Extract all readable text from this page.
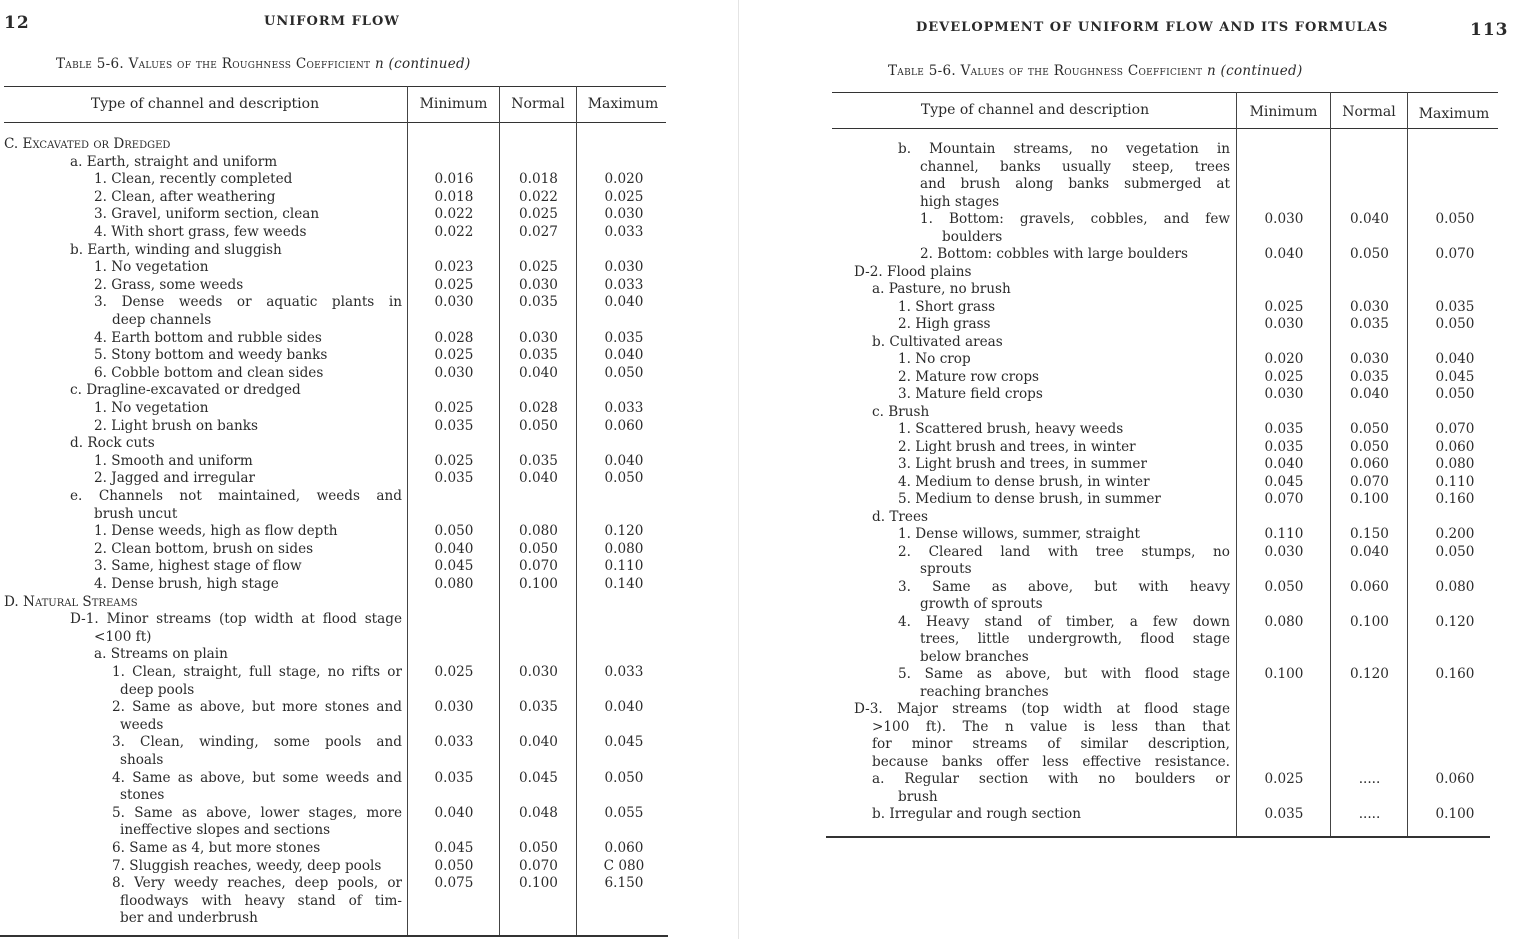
12	UNIFORM FLOW
Table 5-6. Values of the Roughness Coefficient n (continued)
Type of channel and description	Minimum	Normal	Maximum
C. Excavated or Dredged
a. Earth, straight and uniform
1. Clean, recently completed	0.016	0.018	0.020
2. Clean, after weathering	0.018	0.022	0.025
3. Gravel, uniform section, clean	0.022	0.025	0.030
4. With short grass, few weeds	0.022	0.027	0.033
b. Earth, winding and sluggish
1. No vegetation	0.023	0.025	0.030
2. Grass, some weeds	0.025	0.030	0.033
3. Dense weeds or aquatic plants in	0.030	0.035	0.040
deep channels
4. Earth bottom and rubble sides	0.028	0.030	0.035
5. Stony bottom and weedy banks	0.025	0.035	0.040
6. Cobble bottom and clean sides	0.030	0.040	0.050
c. Dragline-excavated or dredged
1. No vegetation	0.025	0.028	0.033
2. Light brush on banks	0.035	0.050	0.060
d. Rock cuts
1. Smooth and uniform	0.025	0.035	0.040
2. Jagged and irregular	0.035	0.040	0.050
e. Channels not maintained, weeds and
brush uncut
1. Dense weeds, high as flow depth	0.050	0.080	0.120
2. Clean bottom, brush on sides	0.040	0.050	0.080
3. Same, highest stage of flow	0.045	0.070	0.110
4. Dense brush, high stage	0.080	0.100	0.140
D. Natural Streams
D-1. Minor streams (top width at flood stage
<100 ft)
a. Streams on plain
1. Clean, straight, full stage, no rifts or	0.025	0.030	0.033
deep pools
2. Same as above, but more stones and	0.030	0.035	0.040
weeds
3. Clean, winding, some pools and	0.033	0.040	0.045
shoals
4. Same as above, but some weeds and	0.035	0.045	0.050
stones
5. Same as above, lower stages, more	0.040	0.048	0.055
ineffective slopes and sections
6. Same as 4, but more stones	0.045	0.050	0.060
7. Sluggish reaches, weedy, deep pools	0.050	0.070	C 080
8. Very weedy reaches, deep pools, or	0.075	0.100	6.150
floodways with heavy stand of tim-
ber and underbrush
DEVELOPMENT OF UNIFORM FLOW AND ITS FORMULAS	113
Table 5-6. Values of the Roughness Coefficient n (continued)
Type of channel and description	Minimum	Normal	Maximum
b. Mountain streams, no vegetation in
channel, banks usually steep, trees
and brush along banks submerged at
high stages
1. Bottom: gravels, cobbles, and few	0.030	0.040	0.050
boulders
2. Bottom: cobbles with large boulders	0.040	0.050	0.070
D-2. Flood plains
a. Pasture, no brush
1. Short grass	0.025	0.030	0.035
2. High grass	0.030	0.035	0.050
b. Cultivated areas
1. No crop	0.020	0.030	0.040
2. Mature row crops	0.025	0.035	0.045
3. Mature field crops	0.030	0.040	0.050
c. Brush
1. Scattered brush, heavy weeds	0.035	0.050	0.070
2. Light brush and trees, in winter	0.035	0.050	0.060
3. Light brush and trees, in summer	0.040	0.060	0.080
4. Medium to dense brush, in winter	0.045	0.070	0.110
5. Medium to dense brush, in summer	0.070	0.100	0.160
d. Trees
1. Dense willows, summer, straight	0.110	0.150	0.200
2. Cleared land with tree stumps, no	0.030	0.040	0.050
sprouts
3. Same as above, but with heavy	0.050	0.060	0.080
growth of sprouts
4. Heavy stand of timber, a few down	0.080	0.100	0.120
trees, little undergrowth, flood stage
below branches
5. Same as above, but with flood stage	0.100	0.120	0.160
reaching branches
D-3. Major streams (top width at flood stage
>100 ft). The n value is less than that
for minor streams of similar description,
because banks offer less effective resistance.
a. Regular section with no boulders or	0.025	.....	0.060
brush
b. Irregular and rough section	0.035	.....	0.100
